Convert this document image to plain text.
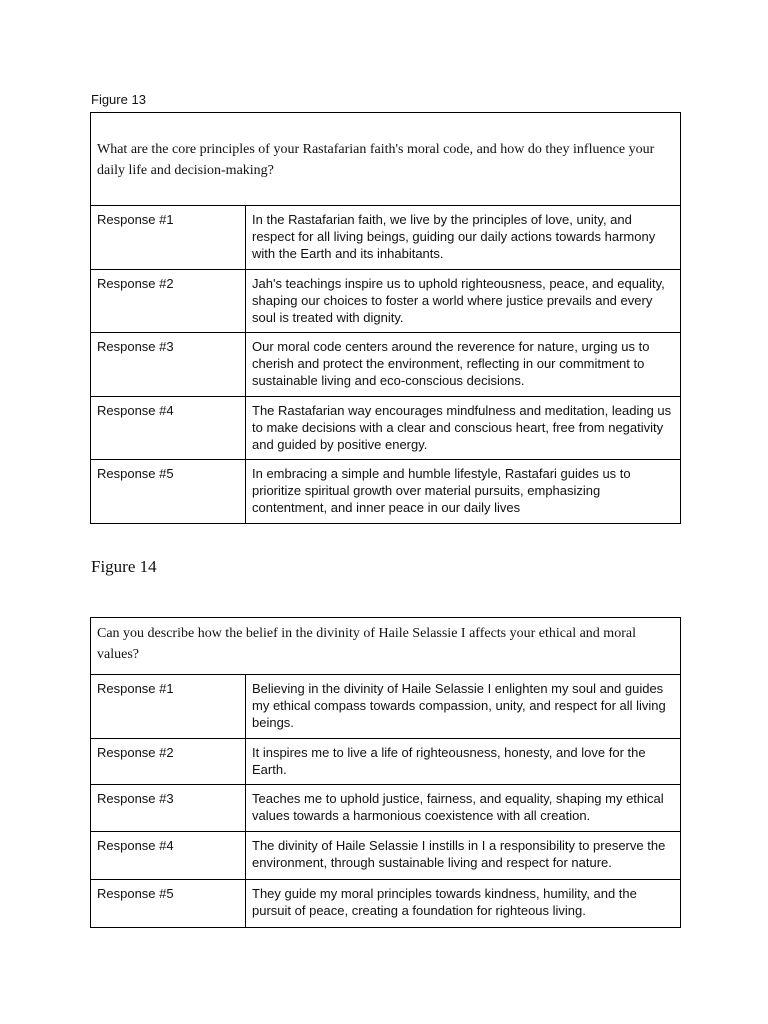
Figure 13
What are the core principles of your Rastafarian faith's moral code, and how do they influence your daily life and decision-making?	

Response #1	In the Rastafarian faith, we live by the principles of love, unity, and respect for all living beings, guiding our daily actions towards harmony with the Earth and its inhabitants.

Response #2	Jah's teachings inspire us to uphold righteousness, peace, and equality, shaping our choices to foster a world where justice prevails and every soul is treated with dignity.

Response #3	Our moral code centers around the reverence for nature, urging us to cherish and protect the environment, reflecting in our commitment to sustainable living and eco-conscious decisions.

Response #4	The Rastafarian way encourages mindfulness and meditation, leading us to make decisions with a clear and conscious heart, free from negativity and guided by positive energy.

Response #5	In embracing a simple and humble lifestyle, Rastafari guides us to prioritize spiritual growth over material pursuits, emphasizing contentment, and inner peace in our daily lives
Figure 14
Can you describe how the belief in the divinity of Haile Selassie I affects your ethical and moral values?	

Response #1	Believing in the divinity of Haile Selassie I enlighten my soul and guides my ethical compass towards compassion, unity, and respect for all living beings.

Response #2	It inspires me to live a life of righteousness, honesty, and love for the Earth.

Response #3	Teaches me to uphold justice, fairness, and equality, shaping my ethical values towards a harmonious coexistence with all creation.

Response #4	The divinity of Haile Selassie I instills in I a responsibility to preserve the environment, through sustainable living and respect for nature.

Response #5	They guide my moral principles towards kindness, humility, and the pursuit of peace, creating a foundation for righteous living.
